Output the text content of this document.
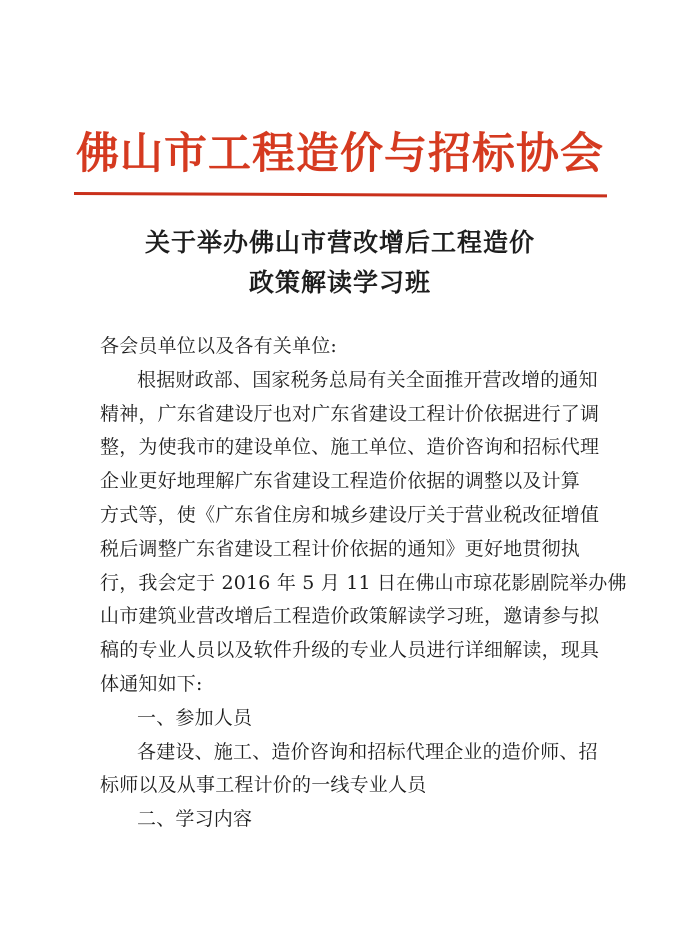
佛山市工程造价与招标协会
关于举办佛山市营改增后工程造价
政策解读学习班
各会员单位以及各有关单位:
根据财政部、国家税务总局有关全面推开营改增的通知
精神，广东省建设厅也对广东省建设工程计价依据进行了调
整，为使我市的建设单位、施工单位、造价咨询和招标代理
企业更好地理解广东省建设工程造价依据的调整以及计算
方式等，使《广东省住房和城乡建设厅关于营业税改征增值
税后调整广东省建设工程计价依据的通知》更好地贯彻执
行，我会定于 2016 年 5 月 11 日在佛山市琼花影剧院举办佛
山市建筑业营改增后工程造价政策解读学习班，邀请参与拟
稿的专业人员以及软件升级的专业人员进行详细解读，现具
体通知如下:
一、参加人员
各建设、施工、造价咨询和招标代理企业的造价师、招
标师以及从事工程计价的一线专业人员
二、学习内容
